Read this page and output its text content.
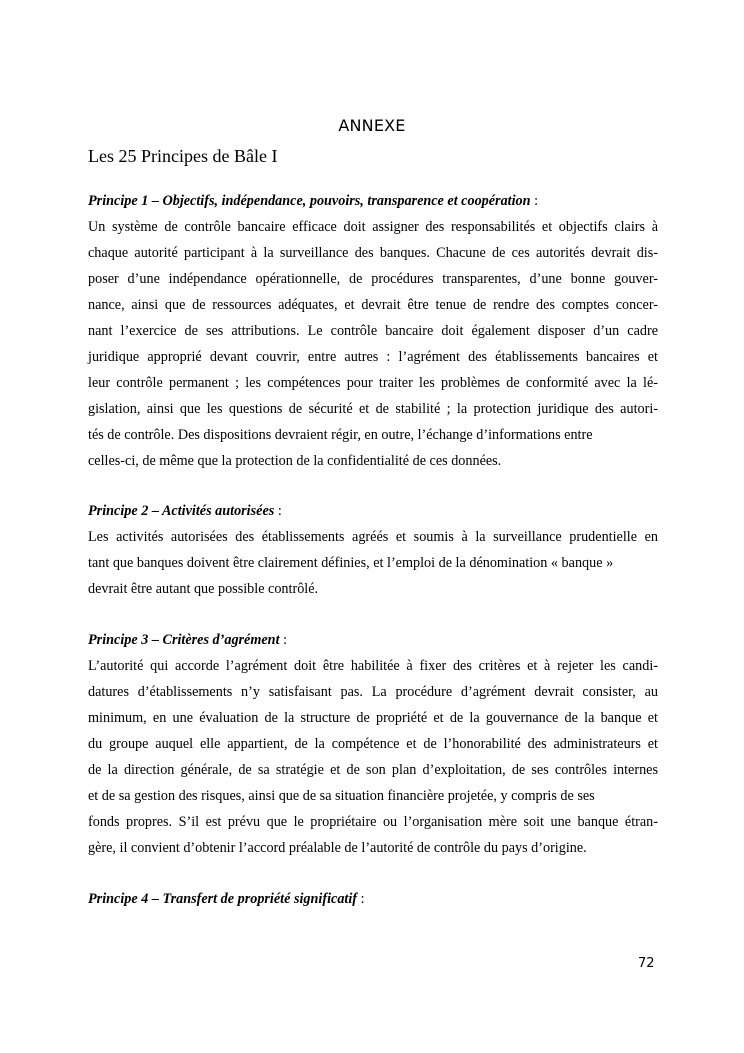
ANNEXE
Les 25 Principes de Bâle I
Principe 1 – Objectifs, indépendance, pouvoirs, transparence et coopération :
Un système de contrôle bancaire efficace doit assigner des responsabilités et objectifs clairs à
chaque autorité participant à la surveillance des banques. Chacune de ces autorités devrait dis-
poser d’une indépendance opérationnelle, de procédures transparentes, d’une bonne gouver-
nance, ainsi que de ressources adéquates, et devrait être tenue de rendre des comptes concer-
nant l’exercice de ses attributions. Le contrôle bancaire doit également disposer d’un cadre
juridique approprié devant couvrir, entre autres : l’agrément des établissements bancaires et
leur contrôle permanent ; les compétences pour traiter les problèmes de conformité avec la lé-
gislation, ainsi que les questions de sécurité et de stabilité ; la protection juridique des autori-
tés de contrôle. Des dispositions devraient régir, en outre, l’échange d’informations entre
celles-ci, de même que la protection de la confidentialité de ces données.
Principe 2 – Activités autorisées :
Les activités autorisées des établissements agréés et soumis à la surveillance prudentielle en
tant que banques doivent être clairement définies, et l’emploi de la dénomination « banque »
devrait être autant que possible contrôlé.
Principe 3 – Critères d’agrément :
L’autorité qui accorde l’agrément doit être habilitée à fixer des critères et à rejeter les candi-
datures d’établissements n’y satisfaisant pas. La procédure d’agrément devrait consister, au
minimum, en une évaluation de la structure de propriété et de la gouvernance de la banque et
du groupe auquel elle appartient, de la compétence et de l’honorabilité des administrateurs et
de la direction générale, de sa stratégie et de son plan d’exploitation, de ses contrôles internes
et de sa gestion des risques, ainsi que de sa situation financière projetée, y compris de ses
fonds propres. S’il est prévu que le propriétaire ou l’organisation mère soit une banque étran-
gère, il convient d’obtenir l’accord préalable de l’autorité de contrôle du pays d’origine.
Principe 4 – Transfert de propriété significatif :
72
